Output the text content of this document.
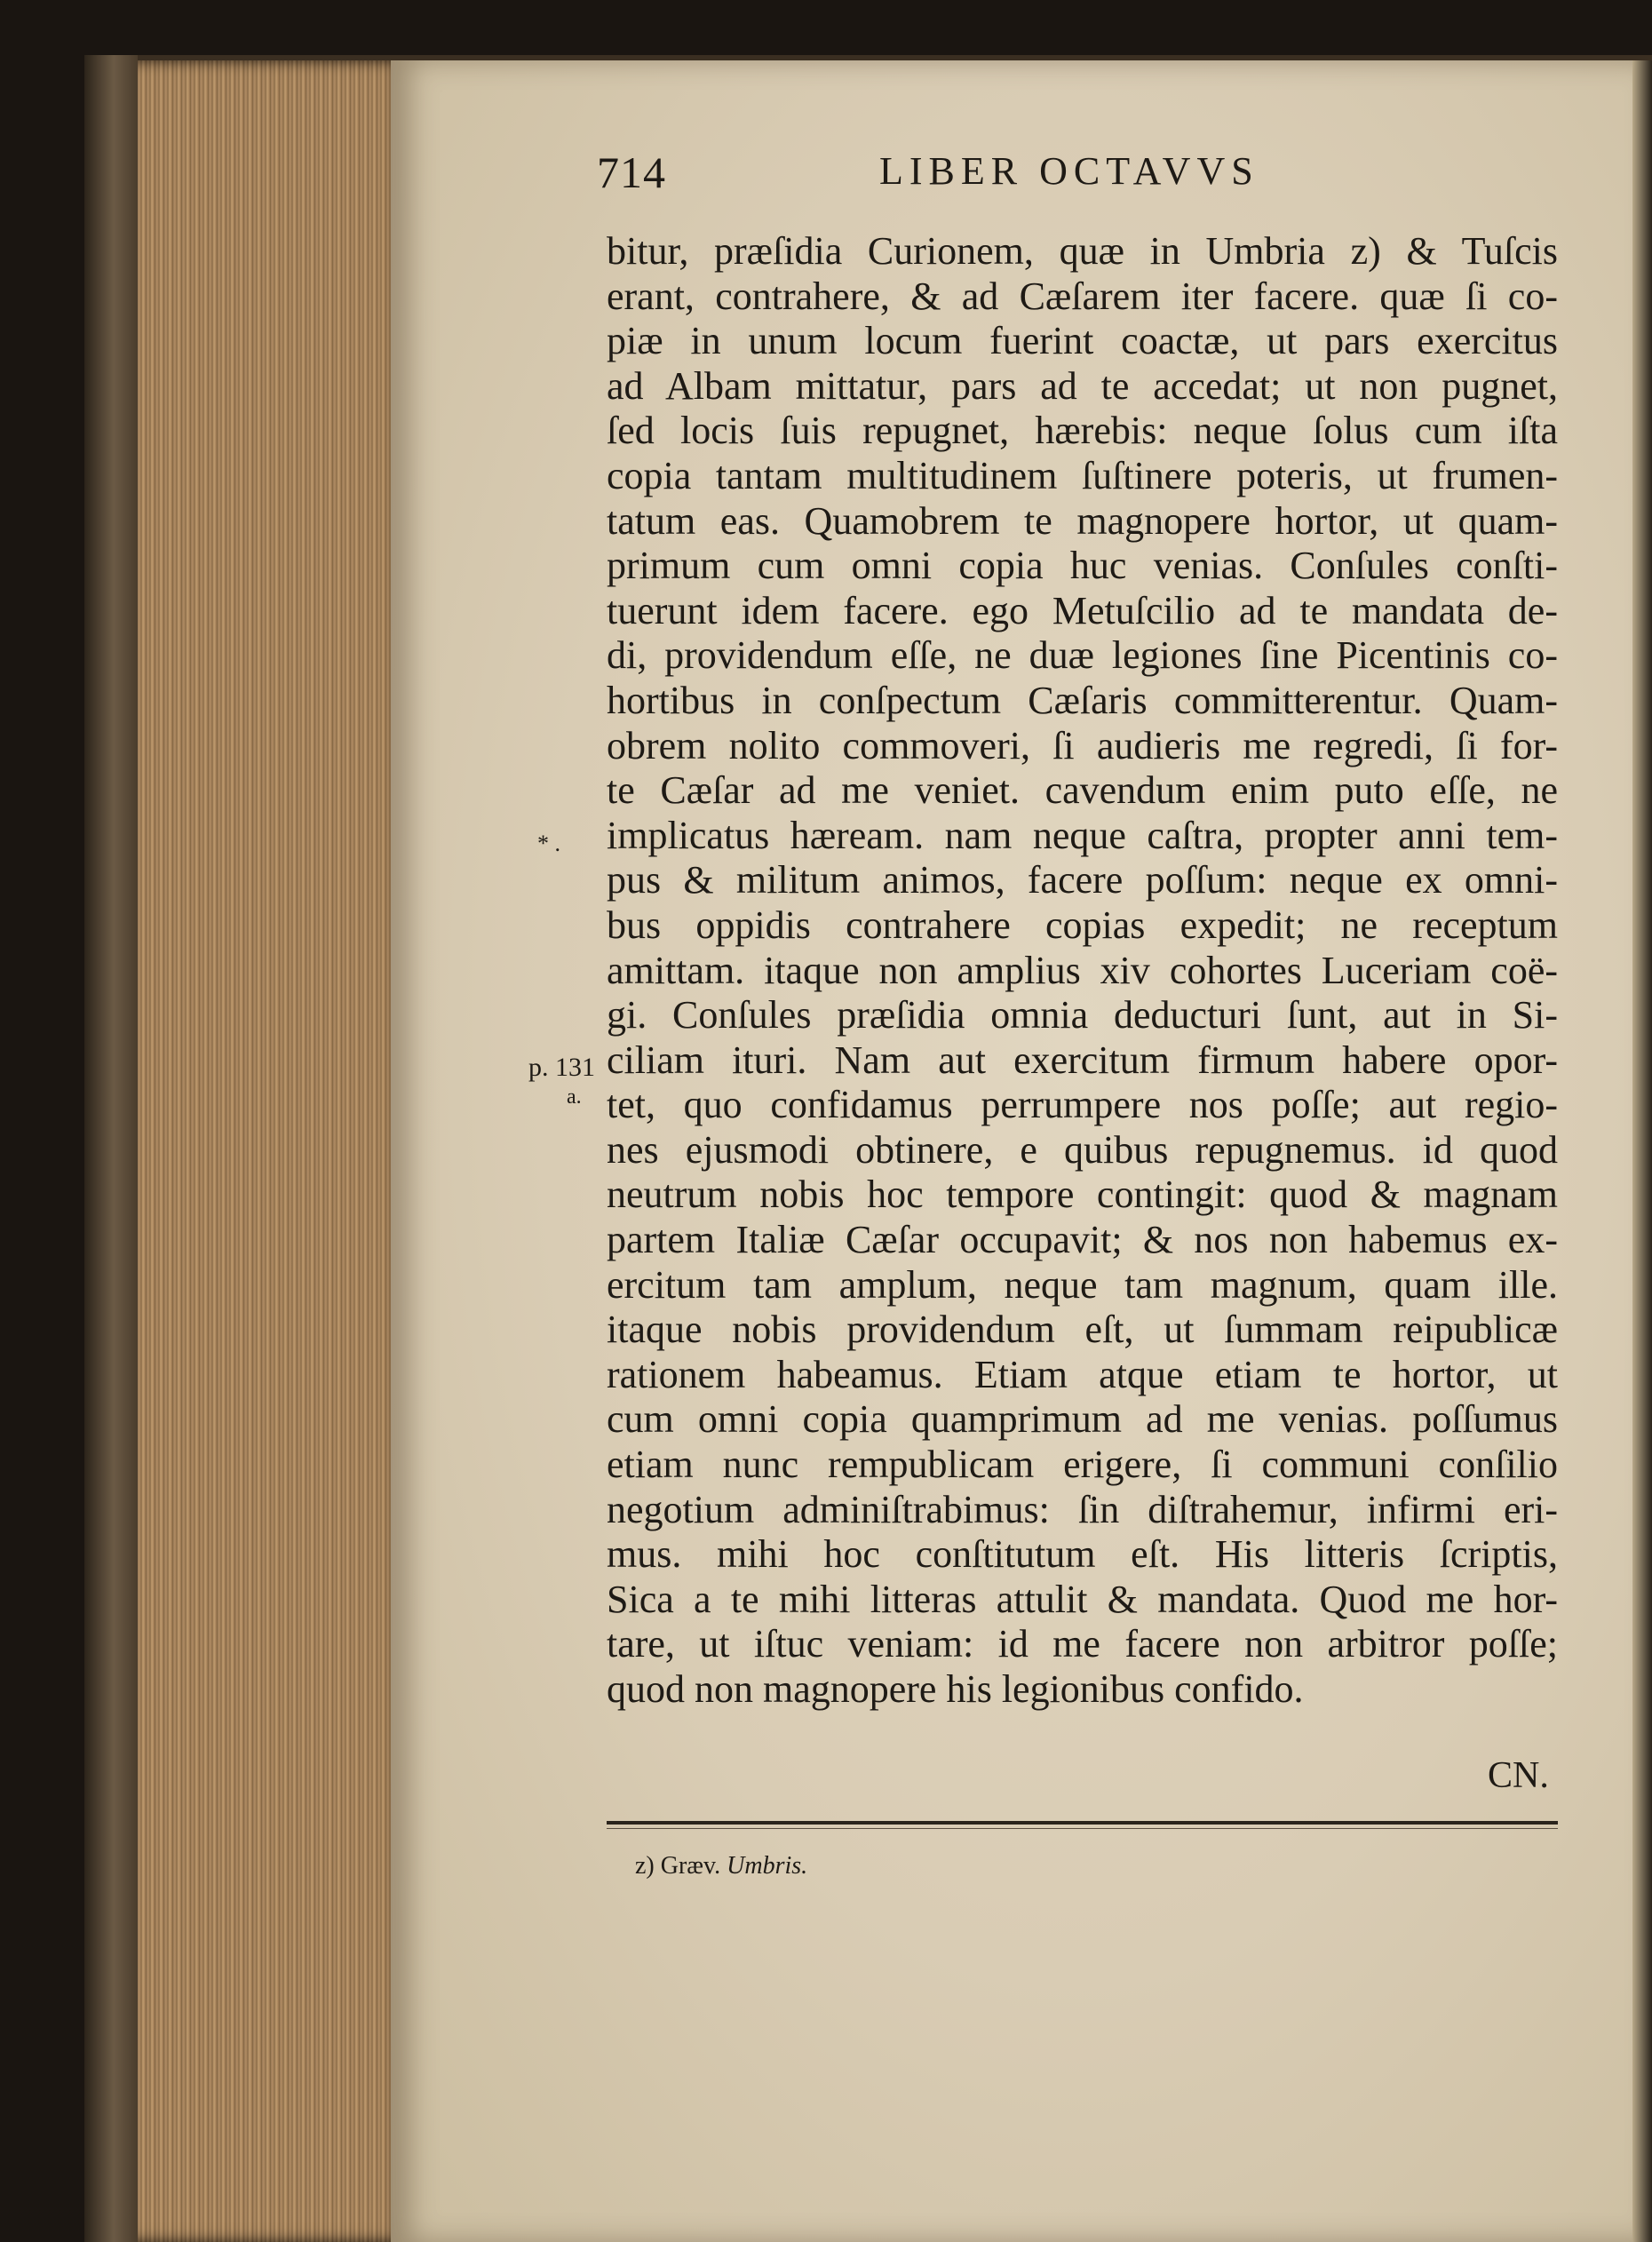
714	LIBER OCTAVVS
* .
p. 131
a.
bitur, præſidia Curionem, quæ in Umbria z) & Tuſcis
erant, contrahere, & ad Cæſarem iter facere. quæ ſi co-
piæ in unum locum fuerint coactæ, ut pars exercitus
ad Albam mittatur, pars ad te accedat; ut non pugnet,
ſed locis ſuis repugnet, hærebis: neque ſolus cum iſta
copia tantam multitudinem ſuſtinere poteris, ut frumen-
tatum eas. Quamobrem te magnopere hortor, ut quam-
primum cum omni copia huc venias. Conſules conſti-
tuerunt idem facere. ego Metuſcilio ad te mandata de-
di, providendum eſſe, ne duæ legiones ſine Picentinis co-
hortibus in conſpectum Cæſaris committerentur. Quam-
obrem nolito commoveri, ſi audieris me regredi, ſi for-
te Cæſar ad me veniet. cavendum enim puto eſſe, ne
implicatus hæream. nam neque caſtra, propter anni tem-
pus & militum animos, facere poſſum: neque ex omni-
bus oppidis contrahere copias expedit; ne receptum
amittam. itaque non amplius xiv cohortes Luceriam coë-
gi. Conſules præſidia omnia deducturi ſunt, aut in Si-
ciliam ituri. Nam aut exercitum firmum habere opor-
tet, quo confidamus perrumpere nos poſſe; aut regio-
nes ejusmodi obtinere, e quibus repugnemus. id quod
neutrum nobis hoc tempore contingit: quod & magnam
partem Italiæ Cæſar occupavit; & nos non habemus ex-
ercitum tam amplum, neque tam magnum, quam ille.
itaque nobis providendum eſt, ut ſummam reipublicæ
rationem habeamus. Etiam atque etiam te hortor, ut
cum omni copia quamprimum ad me venias. poſſumus
etiam nunc rempublicam erigere, ſi communi conſilio
negotium adminiſtrabimus: ſin diſtrahemur, infirmi eri-
mus. mihi hoc conſtitutum eſt. His litteris ſcriptis,
Sica a te mihi litteras attulit & mandata. Quod me hor-
tare, ut iſtuc veniam: id me facere non arbitror poſſe;
quod non magnopere his legionibus confido.
CN.
z) Græv. Umbris.
